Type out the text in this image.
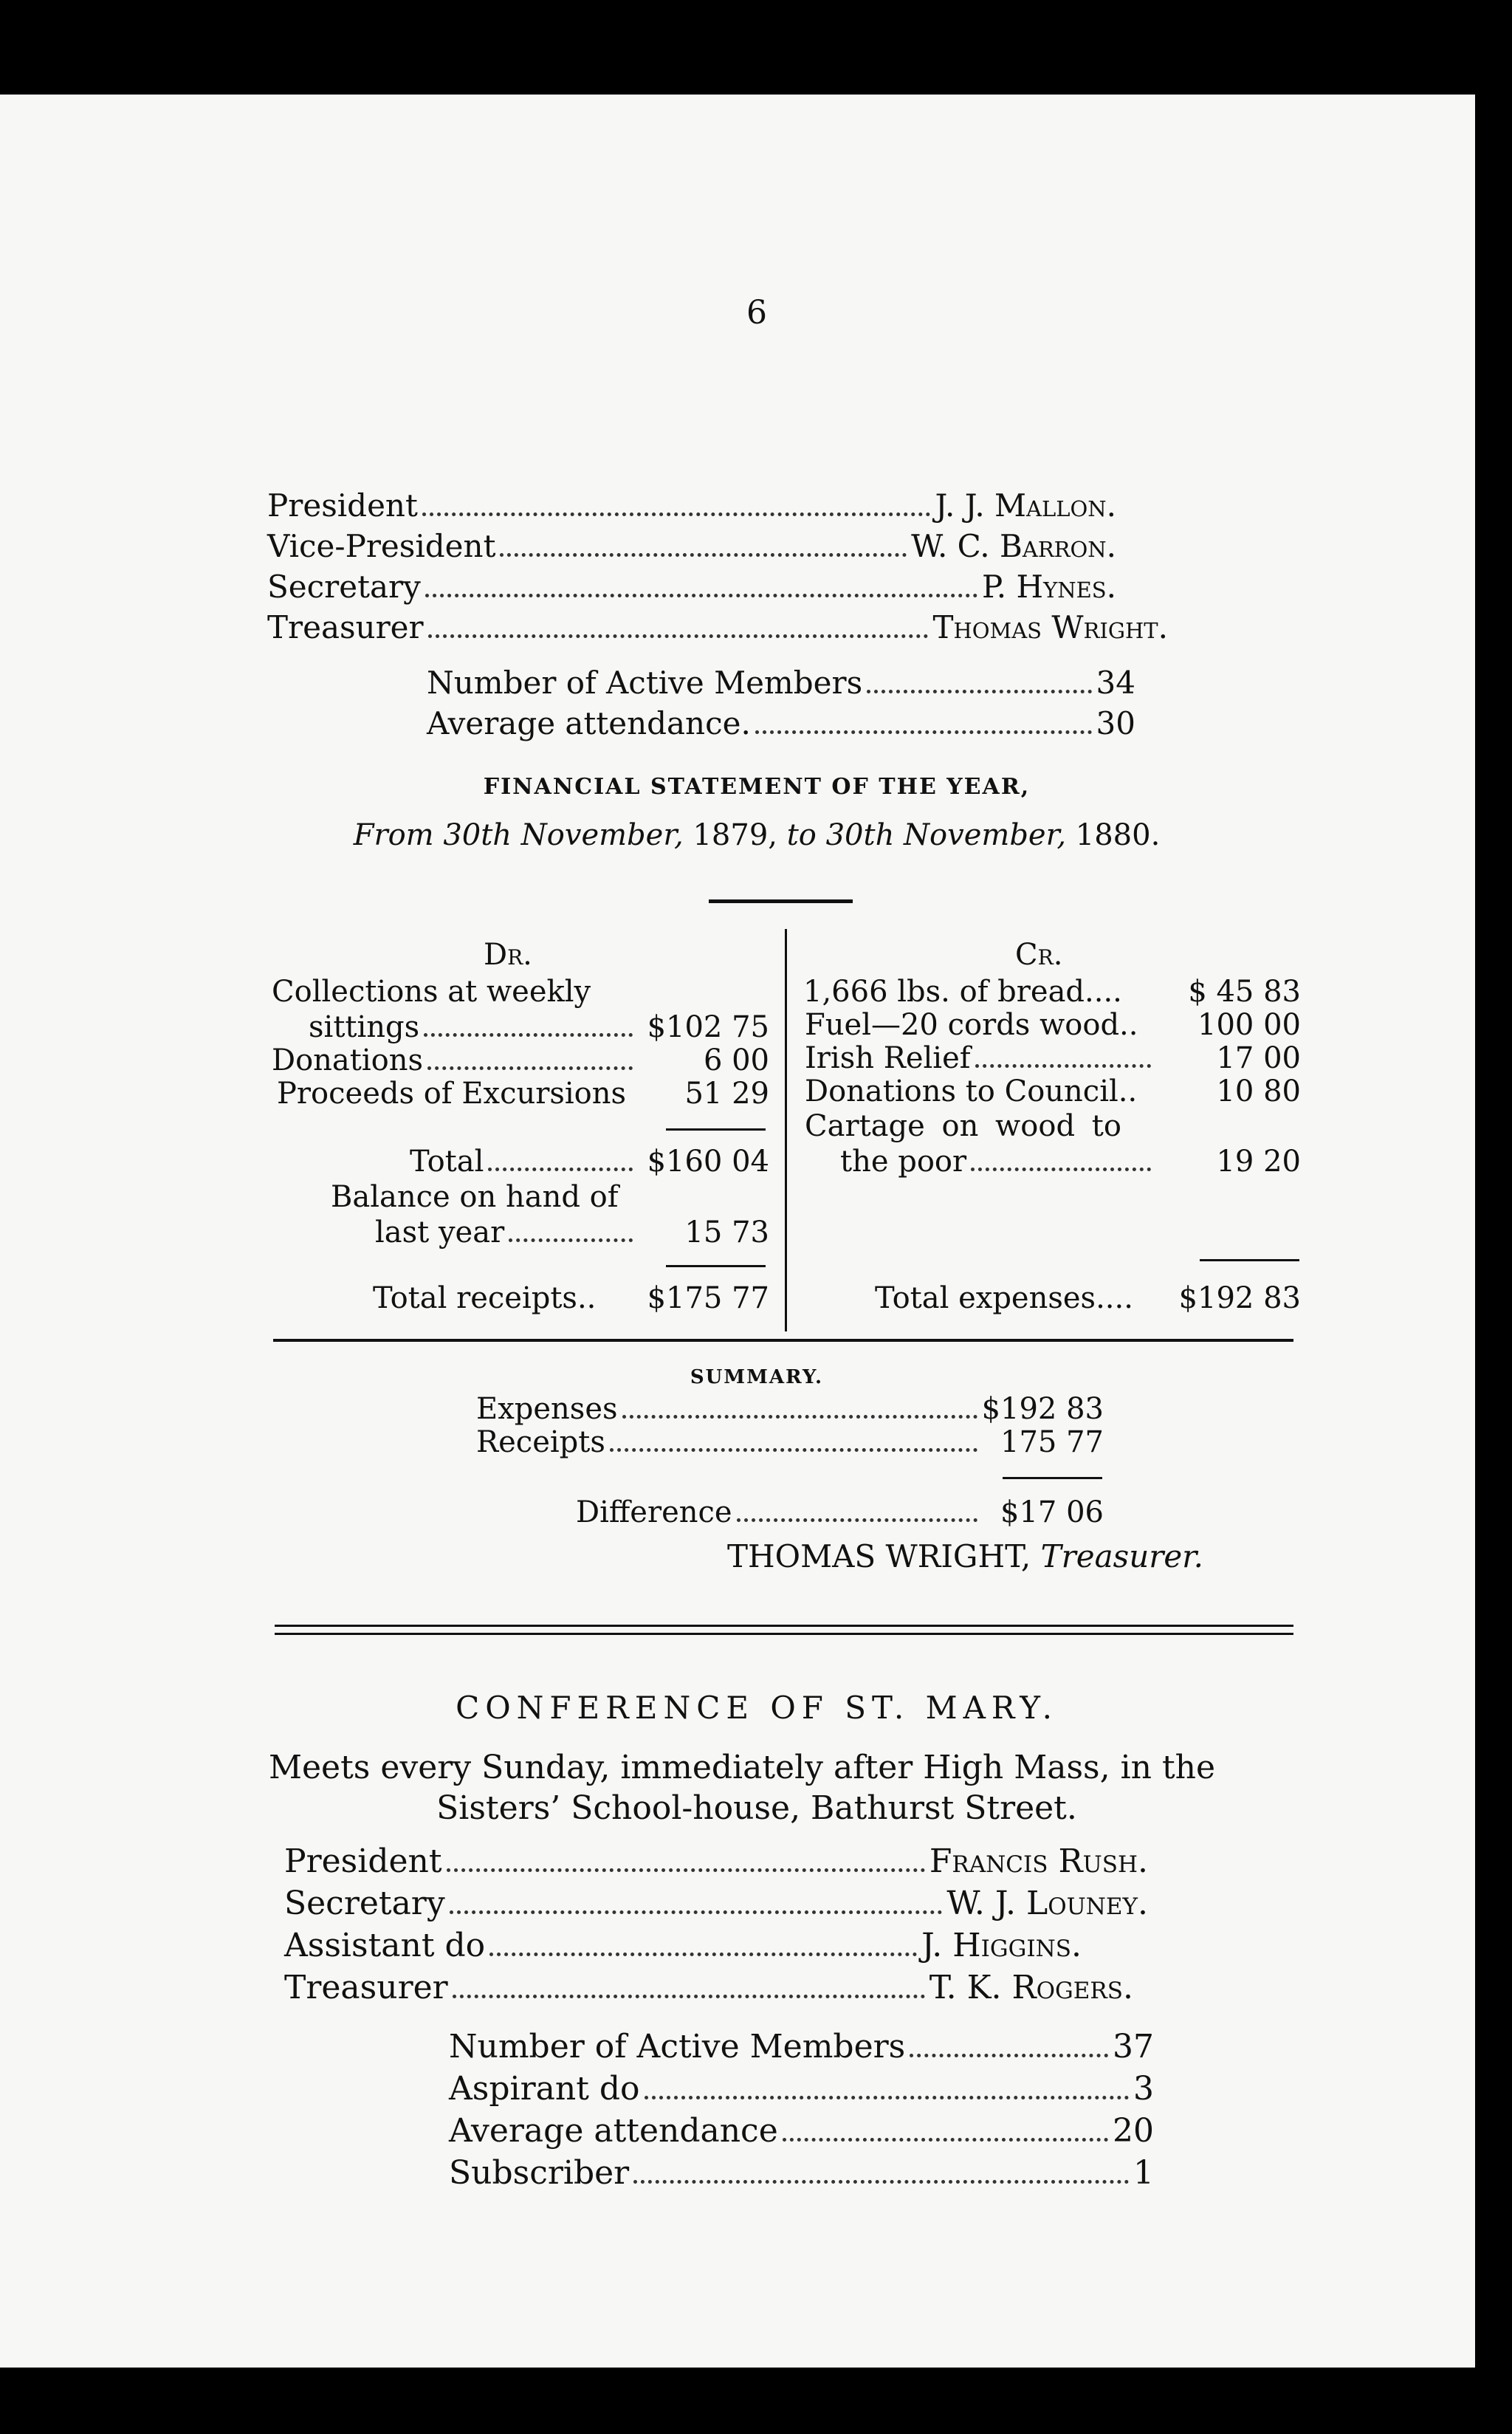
6
President	J. J. Mallon.
Vice-President	W. C. Barron.
Secretary	P. Hynes.
Treasurer	Thomas Wright.
Number of Active Members	34
Average attendance.	30
FINANCIAL STATEMENT OF THE YEAR,
From 30th November, 1879, to 30th November, 1880.
Dr.	Cr.
Collections at weekly
sittings	$102 75
Donations	6 00
Proceeds of Excursions	51 29
Total	$160 04
Balance on hand of
last year	15 73
Total receipts..	$175 77
1,666 lbs. of bread....	$ 45 83
Fuel—20 cords wood..	100 00
Irish Relief	17 00
Donations to Council..	10 80
Cartage on wood to
the poor	19 20
Total expenses....	$192 83
SUMMARY.
Expenses	$192 83
Receipts	175 77
Difference	$17 06
THOMAS WRIGHT, Treasurer.
CONFERENCE OF ST. MARY.
Meets every Sunday, immediately after High Mass, in the
Sisters’ School-house, Bathurst Street.
President	Francis Rush.
Secretary	W. J. Louney.
Assistant do	J. Higgins.
Treasurer	T. K. Rogers.
Number of Active Members	37
Aspirant do	3
Average attendance	20
Subscriber	1
